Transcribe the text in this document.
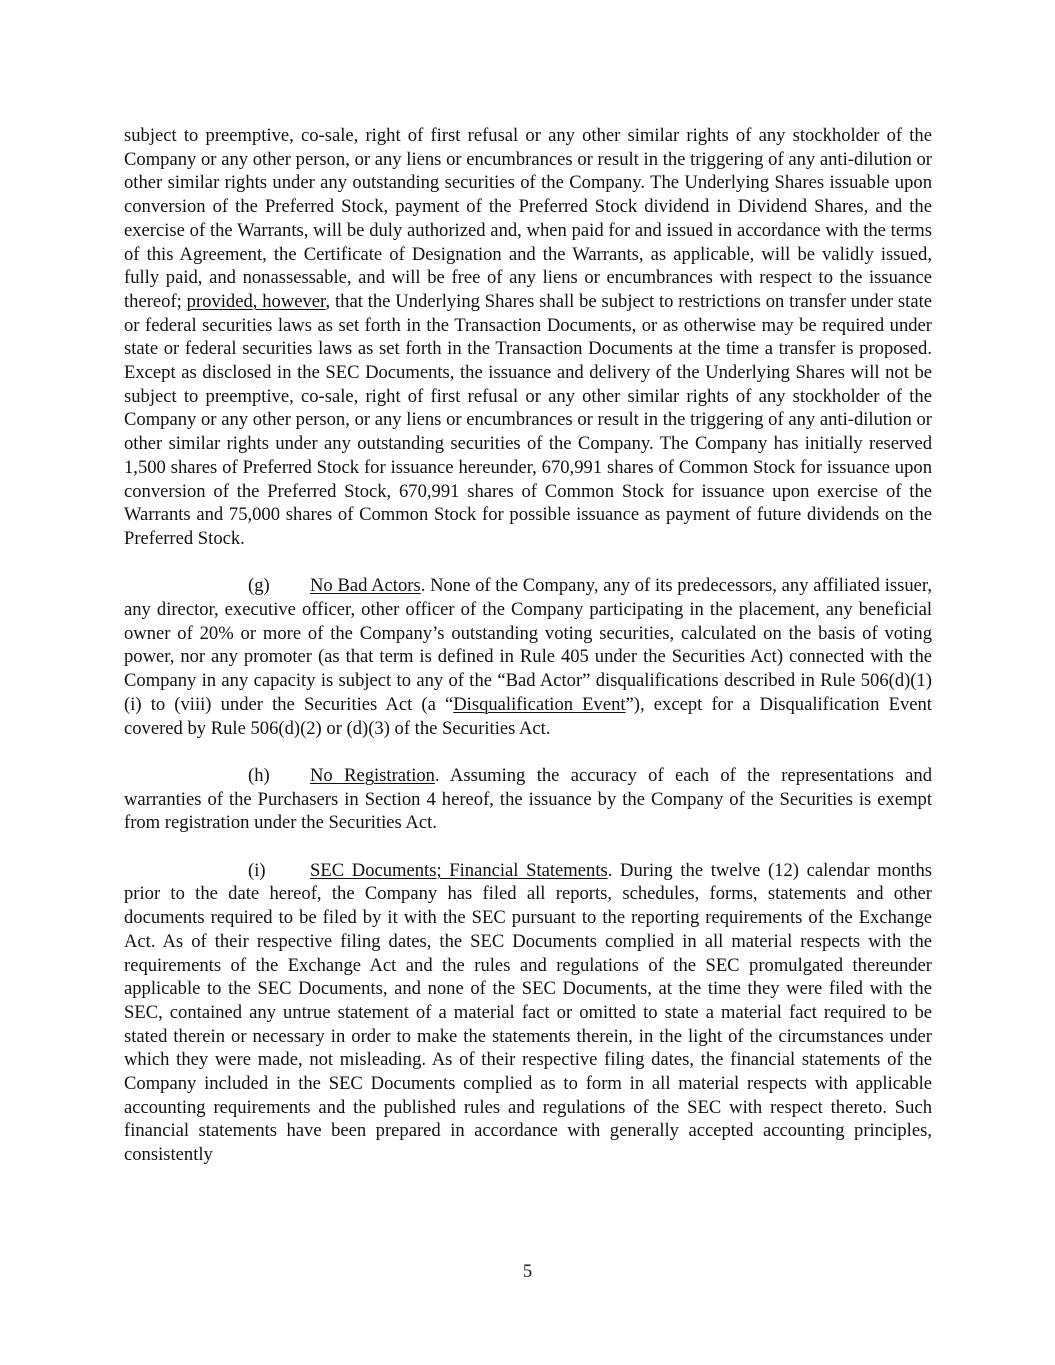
subject to preemptive, co-sale, right of first refusal or any other similar rights of any stockholder of the Company or any other person, or any liens or encumbrances or result in the triggering of any anti-dilution or other similar rights under any outstanding securities of the Company. The Underlying Shares issuable upon conversion of the Preferred Stock, payment of the Preferred Stock dividend in Dividend Shares, and the exercise of the Warrants, will be duly authorized and, when paid for and issued in accordance with the terms of this Agreement, the Certificate of Designation and the Warrants, as applicable, will be validly issued, fully paid, and nonassessable, and will be free of any liens or encumbrances with respect to the issuance thereof; provided, however, that the Underlying Shares shall be subject to restrictions on transfer under state or federal securities laws as set forth in the Transaction Documents, or as otherwise may be required under state or federal securities laws as set forth in the Transaction Documents at the time a transfer is proposed. Except as disclosed in the SEC Documents, the issuance and delivery of the Underlying Shares will not be subject to preemptive, co-sale, right of first refusal or any other similar rights of any stockholder of the Company or any other person, or any liens or encumbrances or result in the triggering of any anti-dilution or other similar rights under any outstanding securities of the Company. The Company has initially reserved 1,500 shares of Preferred Stock for issuance hereunder, 670,991 shares of Common Stock for issuance upon conversion of the Preferred Stock, 670,991 shares of Common Stock for issuance upon exercise of the Warrants and 75,000 shares of Common Stock for possible issuance as payment of future dividends on the Preferred Stock.

(g) No Bad Actors. None of the Company, any of its predecessors, any affiliated issuer, any director, executive officer, other officer of the Company participating in the placement, any beneficial owner of 20% or more of the Company’s outstanding voting securities, calculated on the basis of voting power, nor any promoter (as that term is defined in Rule 405 under the Securities Act) connected with the Company in any capacity is subject to any of the “Bad Actor” disqualifications described in Rule 506(d)(1)(i) to (viii) under the Securities Act (a “Disqualification Event”), except for a Disqualification Event covered by Rule 506(d)(2) or (d)(3) of the Securities Act.

(h) No Registration. Assuming the accuracy of each of the representations and warranties of the Purchasers in Section 4 hereof, the issuance by the Company of the Securities is exempt from registration under the Securities Act.

(i) SEC Documents; Financial Statements. During the twelve (12) calendar months prior to the date hereof, the Company has filed all reports, schedules, forms, statements and other documents required to be filed by it with the SEC pursuant to the reporting requirements of the Exchange Act. As of their respective filing dates, the SEC Documents complied in all material respects with the requirements of the Exchange Act and the rules and regulations of the SEC promulgated thereunder applicable to the SEC Documents, and none of the SEC Documents, at the time they were filed with the SEC, contained any untrue statement of a material fact or omitted to state a material fact required to be stated therein or necessary in order to make the statements therein, in the light of the circumstances under which they were made, not misleading. As of their respective filing dates, the financial statements of the Company included in the SEC Documents complied as to form in all material respects with applicable accounting requirements and the published rules and regulations of the SEC with respect thereto. Such financial statements have been prepared in accordance with generally accepted accounting principles, consistently

5
